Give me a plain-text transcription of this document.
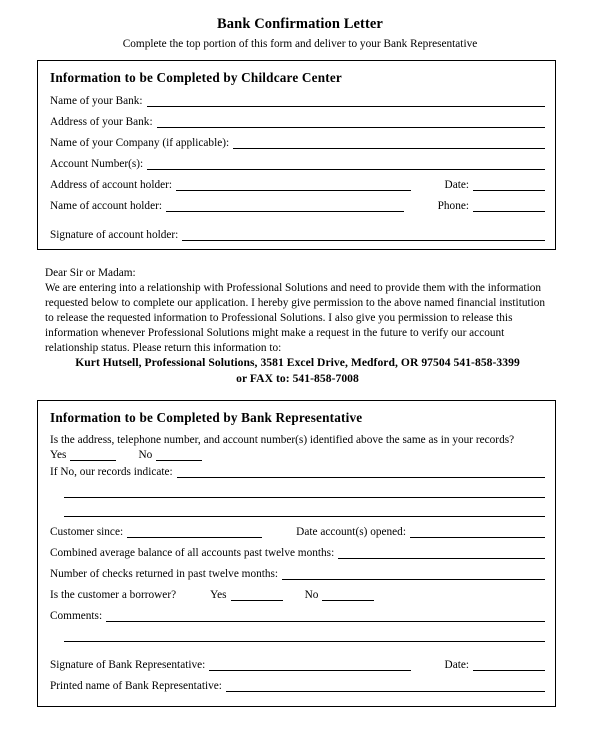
Bank Confirmation Letter

Complete the top portion of this form and deliver to your Bank Representative

Information to be Completed by Childcare Center
Name of your Bank:
Address of your Bank:
Name of your Company (if applicable):
Account Number(s):
Address of account holder:	Date:
Name of account holder:	Phone:
Signature of account holder:

Dear Sir or Madam:

We are entering into a relationship with Professional Solutions and need to provide them with the information requested below to complete our application. I hereby give permission to the above named financial institution to release the requested information to Professional Solutions. I also give you permission to release this information whenever Professional Solutions might make a request in the future to verify our account relationship status. Please return this information to:

Kurt Hutsell, Professional Solutions, 3581 Excel Drive, Medford, OR 97504 541-858-3399

or FAX to: 541-858-7008

Information to be Completed by Bank Representative
Is the address, telephone number, and account number(s) identified above the same as in your records?
Yes	No
If No, our records indicate:
Customer since:	Date account(s) opened:
Combined average balance of all accounts past twelve months:
Number of checks returned in past twelve months:
Is the customer a borrower?	Yes	No
Comments:
Signature of Bank Representative:	Date:
Printed name of Bank Representative:
